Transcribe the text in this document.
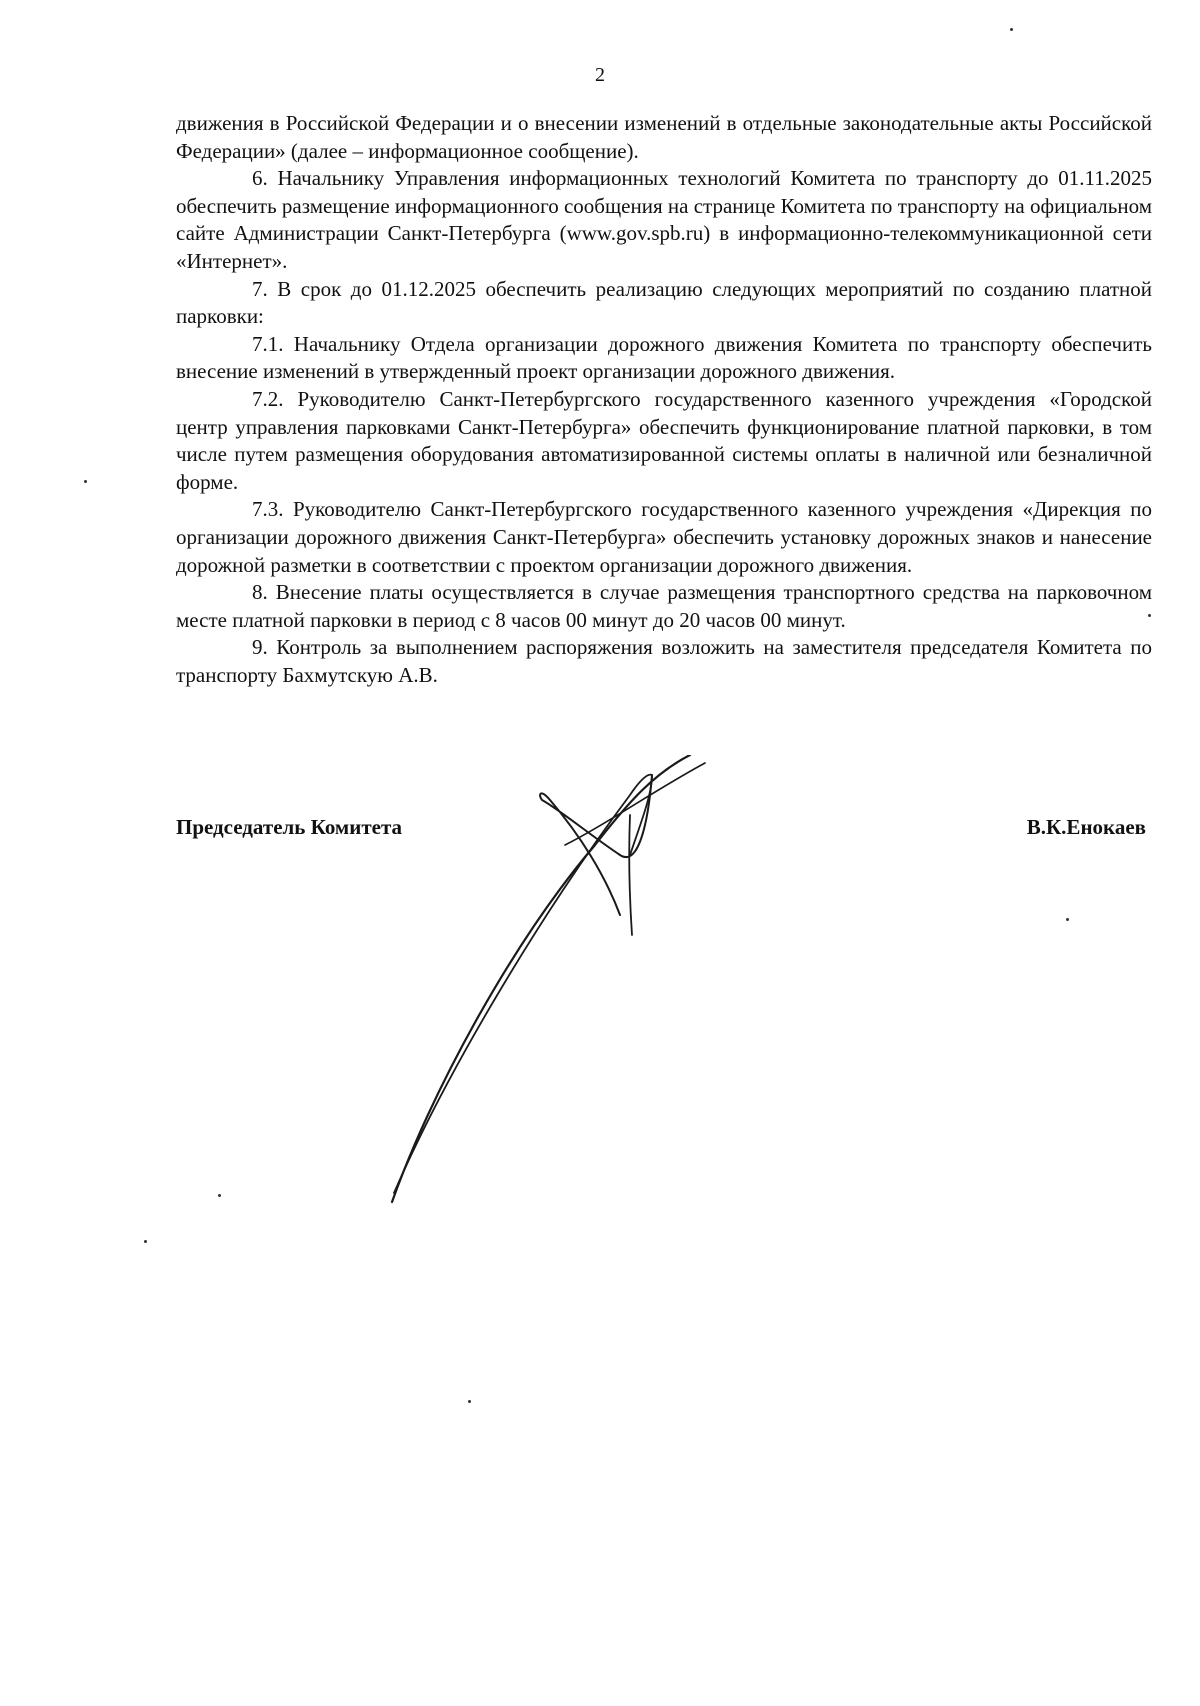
2

движения в Российской Федерации и о внесении изменений в отдельные законодательные акты Российской Федерации» (далее – информационное сообщение).

6. Начальнику Управления информационных технологий Комитета по транспорту до 01.11.2025 обеспечить размещение информационного сообщения на странице Комитета по транспорту на официальном сайте Администрации Санкт-Петербурга (www.gov.spb.ru) в информационно-телекоммуникационной сети «Интернет».

7. В срок до 01.12.2025 обеспечить реализацию следующих мероприятий по созданию платной парковки:

7.1. Начальнику Отдела организации дорожного движения Комитета по транспорту обеспечить внесение изменений в утвержденный проект организации дорожного движения.

7.2. Руководителю Санкт-Петербургского государственного казенного учреждения «Городской центр управления парковками Санкт-Петербурга» обеспечить функционирование платной парковки, в том числе путем размещения оборудования автоматизированной системы оплаты в наличной или безналичной форме.

7.3. Руководителю Санкт-Петербургского государственного казенного учреждения «Дирекция по организации дорожного движения Санкт-Петербурга» обеспечить установку дорожных знаков и нанесение дорожной разметки в соответствии с проектом организации дорожного движения.

8. Внесение платы осуществляется в случае размещения транспортного средства на парковочном месте платной парковки в период с 8 часов 00 минут до 20 часов 00 минут.

9. Контроль за выполнением распоряжения возложить на заместителя председателя Комитета по транспорту Бахмутскую А.В.

Председатель Комитета	В.К.Енокаев
